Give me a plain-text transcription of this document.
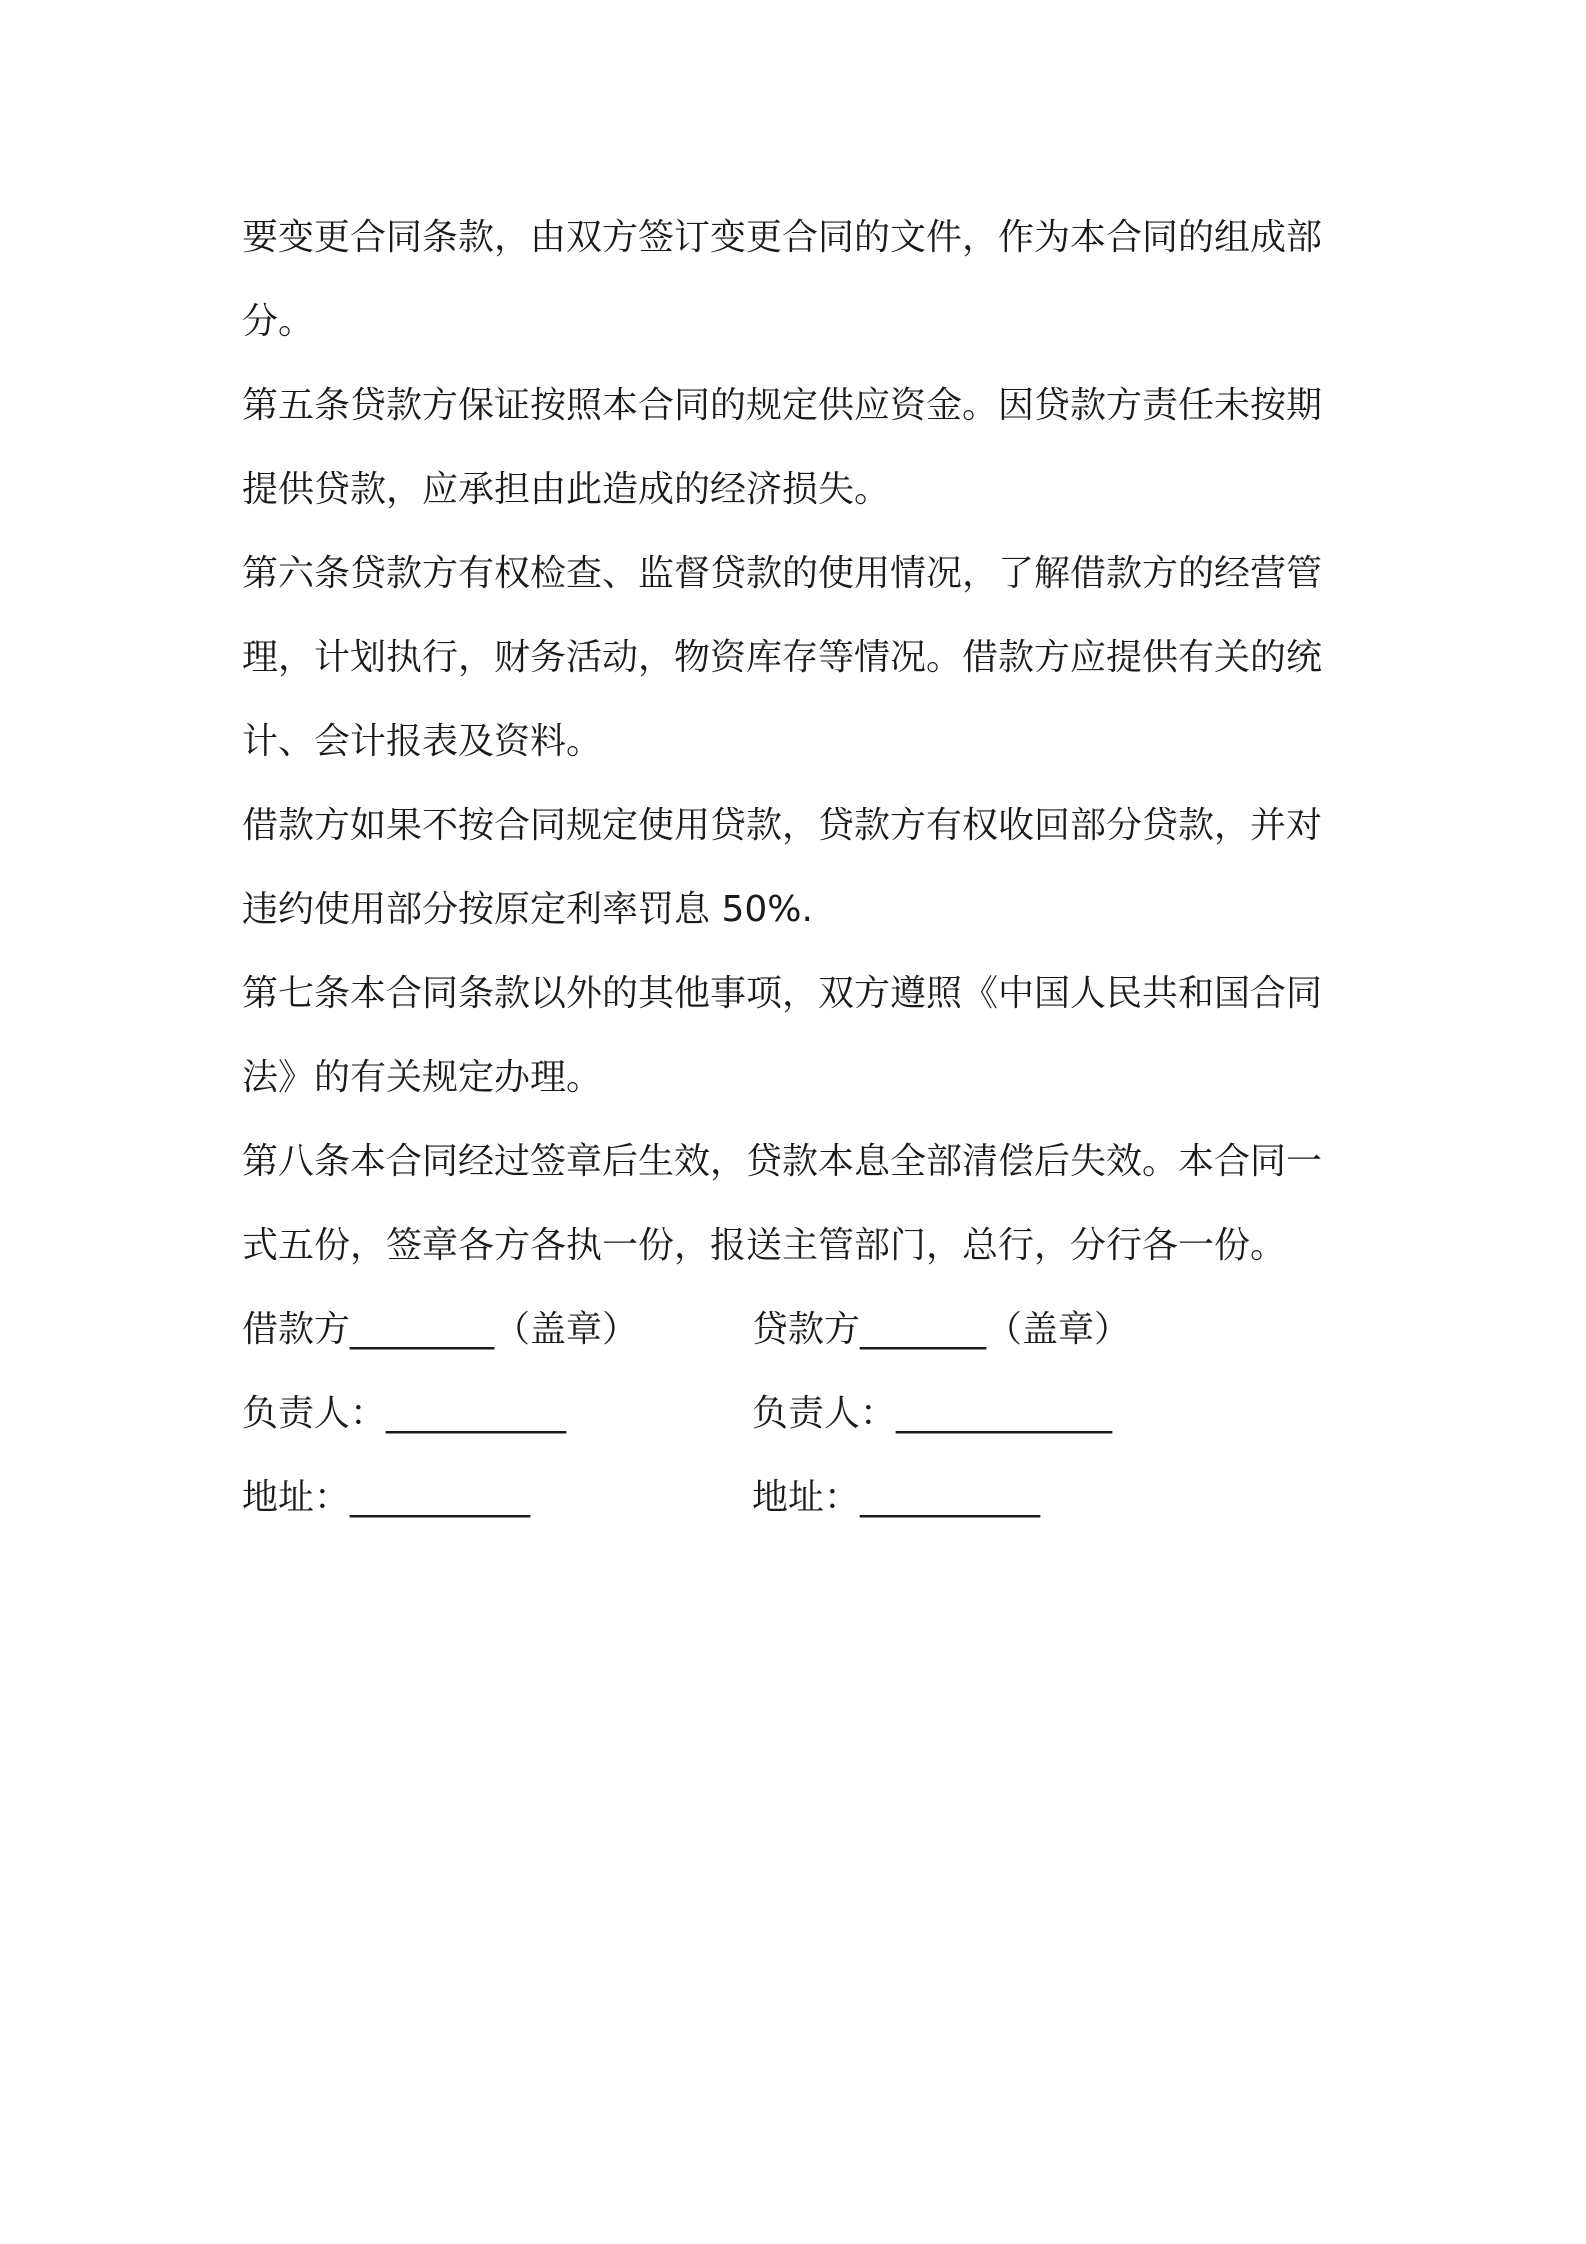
要变更合同条款，由双方签订变更合同的文件，作为本合同的组成部
分。
第五条贷款方保证按照本合同的规定供应资金。因贷款方责任未按期
提供贷款，应承担由此造成的经济损失。
第六条贷款方有权检查、监督贷款的使用情况，了解借款方的经营管
理，计划执行，财务活动，物资库存等情况。借款方应提供有关的统
计、会计报表及资料。
借款方如果不按合同规定使用贷款，贷款方有权收回部分贷款，并对
违约使用部分按原定利率罚息 50%.
第七条本合同条款以外的其他事项，双方遵照《中国人民共和国合同
法》的有关规定办理。
第八条本合同经过签章后生效，贷款本息全部清偿后失效。本合同一
式五份，签章各方各执一份，报送主管部门，总行，分行各一份。
借款方________（盖章）	贷款方_______（盖章）
负责人：__________	负责人：____________
地址：__________	地址：__________
